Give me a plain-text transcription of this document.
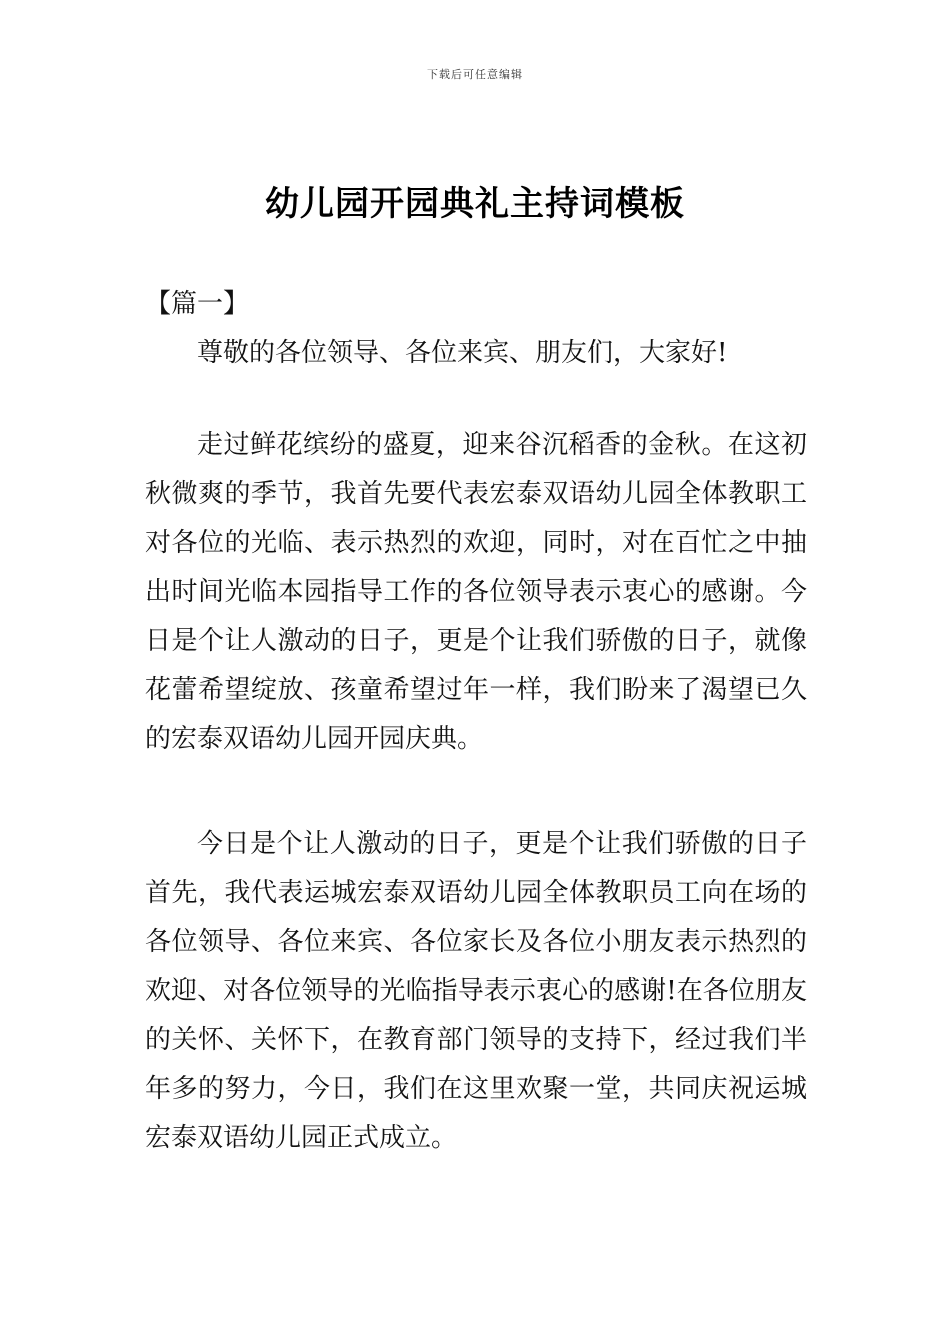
下载后可任意编辑
幼儿园开园典礼主持词模板

【篇一】

尊敬的各位领导、各位来宾、朋友们，大家好!

走过鲜花缤纷的盛夏，迎来谷沉稻香的金秋。在这初秋微爽的季节，我首先要代表宏泰双语幼儿园全体教职工对各位的光临、表示热烈的欢迎，同时，对在百忙之中抽出时间光临本园指导工作的各位领导表示衷心的感谢。今日是个让人激动的日子，更是个让我们骄傲的日子，就像花蕾希望绽放、孩童希望过年一样，我们盼来了渴望已久的宏泰双语幼儿园开园庆典。

今日是个让人激动的日子，更是个让我们骄傲的日子首先，我代表运城宏泰双语幼儿园全体教职员工向在场的各位领导、各位来宾、各位家长及各位小朋友表示热烈的欢迎、对各位领导的光临指导表示衷心的感谢!在各位朋友的关怀、关怀下，在教育部门领导的支持下，经过我们半年多的努力，今日，我们在这里欢聚一堂，共同庆祝运城宏泰双语幼儿园正式成立。
